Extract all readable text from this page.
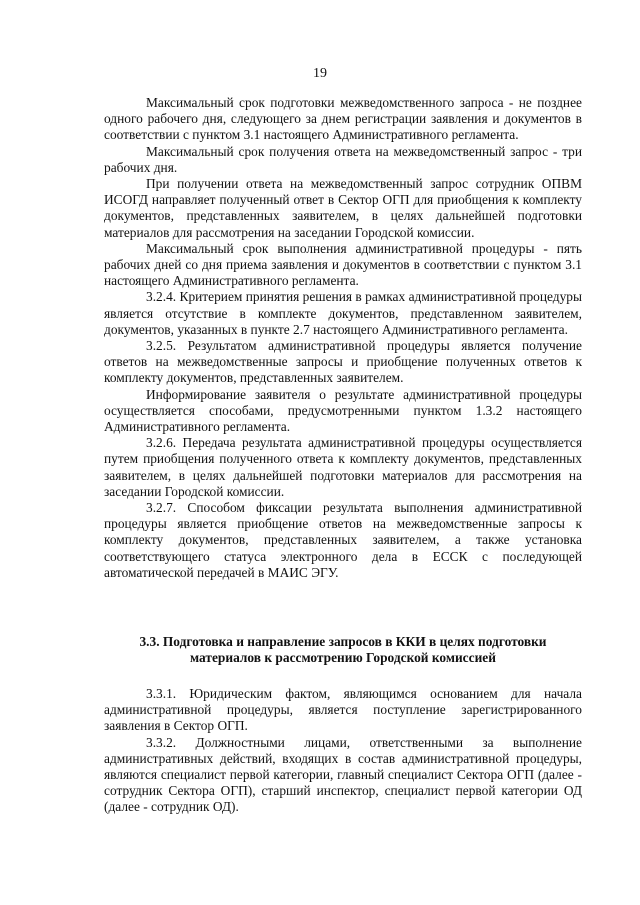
19

Максимальный срок подготовки межведомственного запроса - не позднее одного рабочего дня, следующего за днем регистрации заявления и документов в соответствии с пунктом 3.1 настоящего Административного регламента.

Максимальный срок получения ответа на межведомственный запрос - три рабочих дня.

При получении ответа на межведомственный запрос сотрудник ОПВМ ИСОГД направляет полученный ответ в Сектор ОГП для приобщения к комплекту документов, представленных заявителем, в целях дальнейшей подготовки материалов для рассмотрения на заседании Городской комиссии.

Максимальный срок выполнения административной процедуры - пять рабочих дней со дня приема заявления и документов в соответствии с пунктом 3.1 настоящего Административного регламента.

3.2.4. Критерием принятия решения в рамках административной процедуры является отсутствие в комплекте документов, представленном заявителем, документов, указанных в пункте 2.7 настоящего Административного регламента.

3.2.5. Результатом административной процедуры является получение ответов на межведомственные запросы и приобщение полученных ответов к комплекту документов, представленных заявителем.

Информирование заявителя о результате административной процедуры осуществляется способами, предусмотренными пунктом 1.3.2 настоящего Административного регламента.

3.2.6. Передача результата административной процедуры осуществляется путем приобщения полученного ответа к комплекту документов, представленных заявителем, в целях дальнейшей подготовки материалов для рассмотрения на заседании Городской комиссии.

3.2.7. Способом фиксации результата выполнения административной процедуры является приобщение ответов на межведомственные запросы к комплекту документов, представленных заявителем, а также установка соответствующего статуса электронного дела в ЕССК с последующей автоматической передачей в МАИС ЭГУ.

3.3. Подготовка и направление запросов в ККИ в целях подготовки
материалов к рассмотрению Городской комиссией

3.3.1. Юридическим фактом, являющимся основанием для начала административной процедуры, является поступление зарегистрированного заявления в Сектор ОГП.

3.3.2. Должностными лицами, ответственными за выполнение административных действий, входящих в состав административной процедуры, являются специалист первой категории, главный специалист Сектора ОГП (далее - сотрудник Сектора ОГП), старший инспектор, специалист первой категории ОД (далее - сотрудник ОД).
